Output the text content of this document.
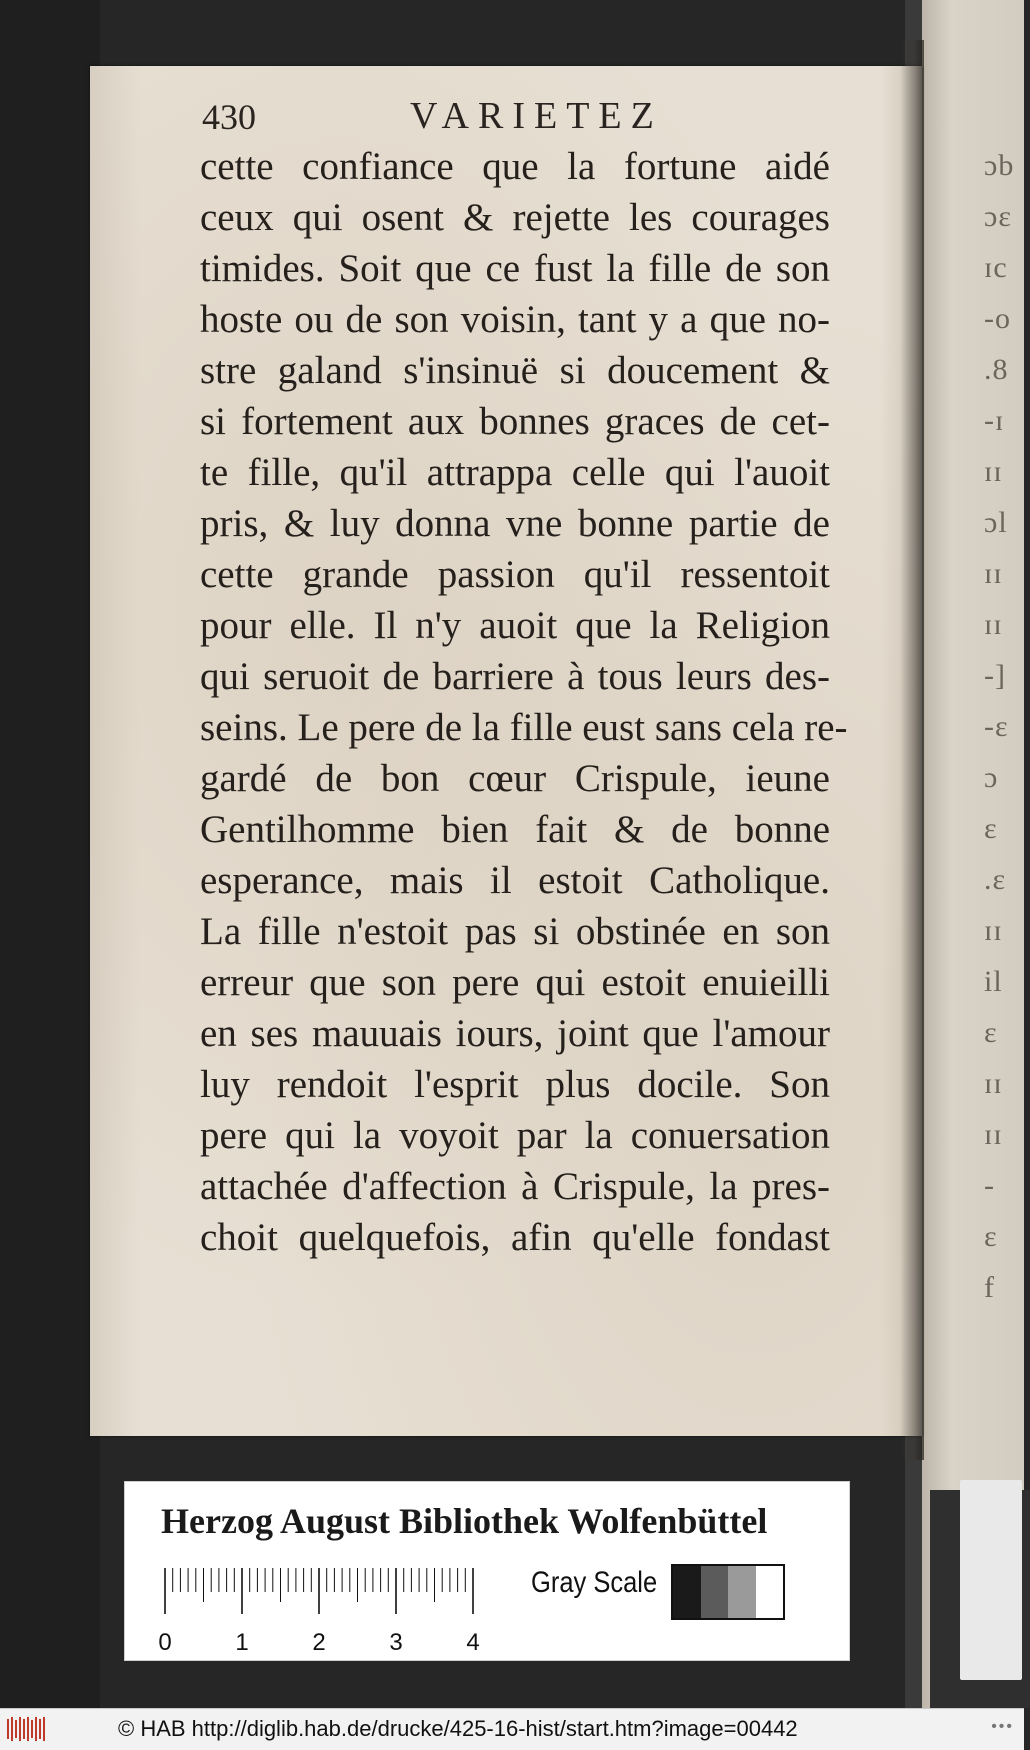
ɔb
ɔɛ
ɪc
-o
.8
-ɪ
ɪɪ
ɔl
ɪɪ
ɪɪ
-]
-ɛ
ɔ
ɛ
.ɛ
ɪɪ
il
ɛ
ɪɪ
ɪɪ
-
ɛ
f
430	VARIETEZ
cette confiance que la fortune aidé
ceux qui osent & rejette les courages
timides. Soit que ce fust la fille de son
hoste ou de son voisin, tant y a que no-
stre galand s'insinuë si doucement &
si fortement aux bonnes graces de cet-
te fille, qu'il attrappa celle qui l'auoit
pris, & luy donna vne bonne partie de
cette grande passion qu'il ressentoit
pour elle. Il n'y auoit que la Religion
qui seruoit de barriere à tous leurs des-
seins. Le pere de la fille eust sans cela re-
gardé de bon cœur Crispule, ieune
Gentilhomme bien fait & de bonne
esperance, mais il estoit Catholique.
La fille n'estoit pas si obstinée en son
erreur que son pere qui estoit enuieilli
en ses mauuais iours, joint que l'amour
luy rendoit l'esprit plus docile. Son
pere qui la voyoit par la conuersation
attachée d'affection à Crispule, la pres-
choit quelquefois, afin qu'elle fondast
Herzog August Bibliothek Wolfenbüttel
0	1	2	3	4
Gray Scale
© HAB http://diglib.hab.de/drucke/425-16-hist/start.htm?image=00442	•••
